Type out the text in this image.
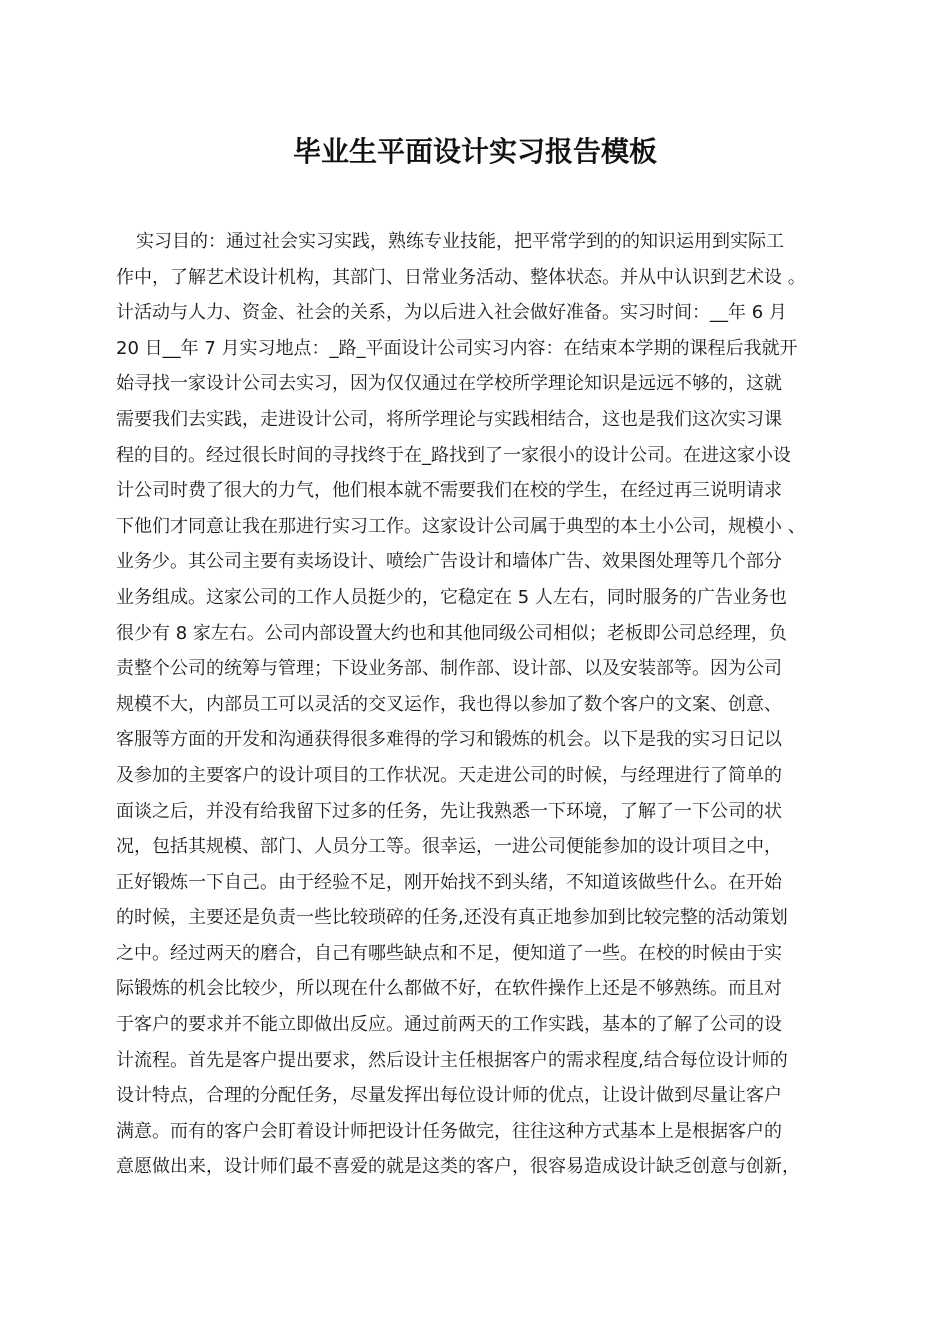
毕业生平面设计实习报告模板
实习目的：通过社会实习实践，熟练专业技能，把平常学到的的知识运用到实际工
作中，了解艺术设计机构，其部门、日常业务活动、整体状态。并从中认识到艺术设 。
计活动与人力、资金、社会的关系，为以后进入社会做好准备。实习时间：__年 6 月
20 日__年 7 月实习地点：_路_平面设计公司实习内容：在结束本学期的课程后我就开
始寻找一家设计公司去实习，因为仅仅通过在学校所学理论知识是远远不够的，这就
需要我们去实践，走进设计公司，将所学理论与实践相结合，这也是我们这次实习课
程的目的。经过很长时间的寻找终于在_路找到了一家很小的设计公司。在进这家小设
计公司时费了很大的力气，他们根本就不需要我们在校的学生，在经过再三说明请求
下他们才同意让我在那进行实习工作。这家设计公司属于典型的本土小公司，规模小 、
业务少。其公司主要有卖场设计、喷绘广告设计和墙体广告、效果图处理等几个部分
业务组成。这家公司的工作人员挺少的，它稳定在 5 人左右，同时服务的广告业务也
很少有 8 家左右。公司内部设置大约也和其他同级公司相似；老板即公司总经理，负
责整个公司的统筹与管理；下设业务部、制作部、设计部、以及安装部等。因为公司
规模不大，内部员工可以灵活的交叉运作，我也得以参加了数个客户的文案、创意、
客服等方面的开发和沟通获得很多难得的学习和锻炼的机会。以下是我的实习日记以
及参加的主要客户的设计项目的工作状况。天走进公司的时候，与经理进行了简单的
面谈之后，并没有给我留下过多的任务，先让我熟悉一下环境，了解了一下公司的状
况，包括其规模、部门、人员分工等。很幸运，一进公司便能参加的设计项目之中，
正好锻炼一下自己。由于经验不足，刚开始找不到头绪，不知道该做些什么。在开始
的时候，主要还是负责一些比较琐碎的任务,还没有真正地参加到比较完整的活动策划
之中。经过两天的磨合，自己有哪些缺点和不足，便知道了一些。在校的时候由于实
际锻炼的机会比较少，所以现在什么都做不好，在软件操作上还是不够熟练。而且对
于客户的要求并不能立即做出反应。通过前两天的工作实践，基本的了解了公司的设
计流程。首先是客户提出要求，然后设计主任根据客户的需求程度,结合每位设计师的
设计特点，合理的分配任务，尽量发挥出每位设计师的优点，让设计做到尽量让客户
满意。而有的客户会盯着设计师把设计任务做完，往往这种方式基本上是根据客户的
意愿做出来，设计师们最不喜爱的就是这类的客户，很容易造成设计缺乏创意与创新，
